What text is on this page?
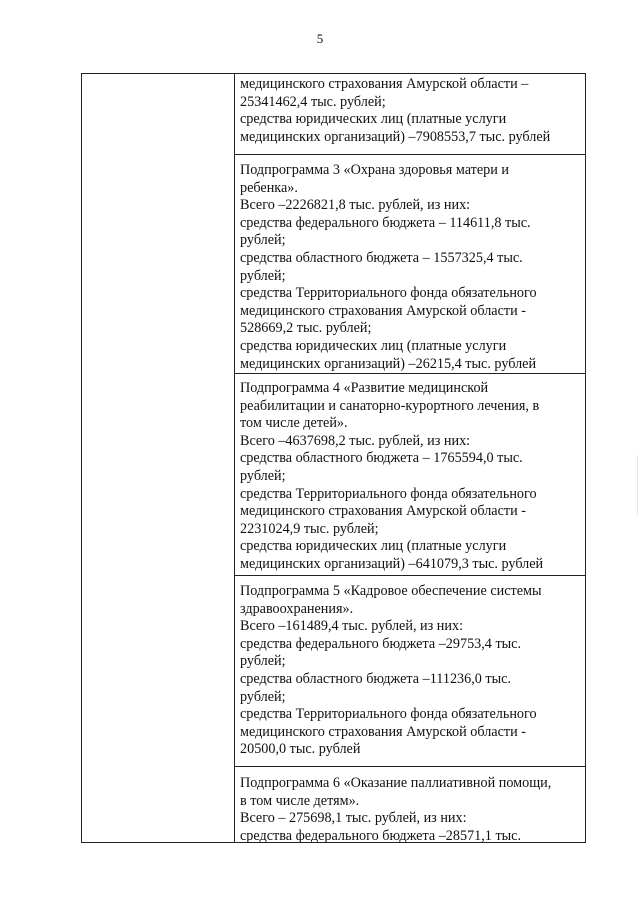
5
медицинского страхования Амурской области –
25341462,4 тыс. рублей;
средства юридических лиц (платные услуги
медицинских организаций) –7908553,7 тыс. рублей
Подпрограмма 3 «Охрана здоровья матери и
ребенка».
Всего –2226821,8 тыс. рублей, из них:
средства федерального бюджета – 114611,8 тыс.
рублей;
средства областного бюджета – 1557325,4 тыс.
рублей;
средства Территориального фонда обязательного
медицинского страхования Амурской области -
528669,2 тыс. рублей;
средства юридических лиц (платные услуги
медицинских организаций) –26215,4 тыс. рублей
Подпрограмма 4 «Развитие медицинской
реабилитации и санаторно-курортного лечения, в
том числе детей».
Всего –4637698,2 тыс. рублей, из них:
средства областного бюджета – 1765594,0 тыс.
рублей;
средства Территориального фонда обязательного
медицинского страхования Амурской области -
2231024,9 тыс. рублей;
средства юридических лиц (платные услуги
медицинских организаций) –641079,3 тыс. рублей
Подпрограмма 5 «Кадровое обеспечение системы
здравоохранения».
Всего –161489,4 тыс. рублей, из них:
средства федерального бюджета –29753,4 тыс.
рублей;
средства областного бюджета –111236,0 тыс.
рублей;
средства Территориального фонда обязательного
медицинского страхования Амурской области -
20500,0 тыс. рублей
Подпрограмма 6 «Оказание паллиативной помощи,
в том числе детям».
Всего – 275698,1 тыс. рублей, из них:
средства федерального бюджета –28571,1 тыс.
